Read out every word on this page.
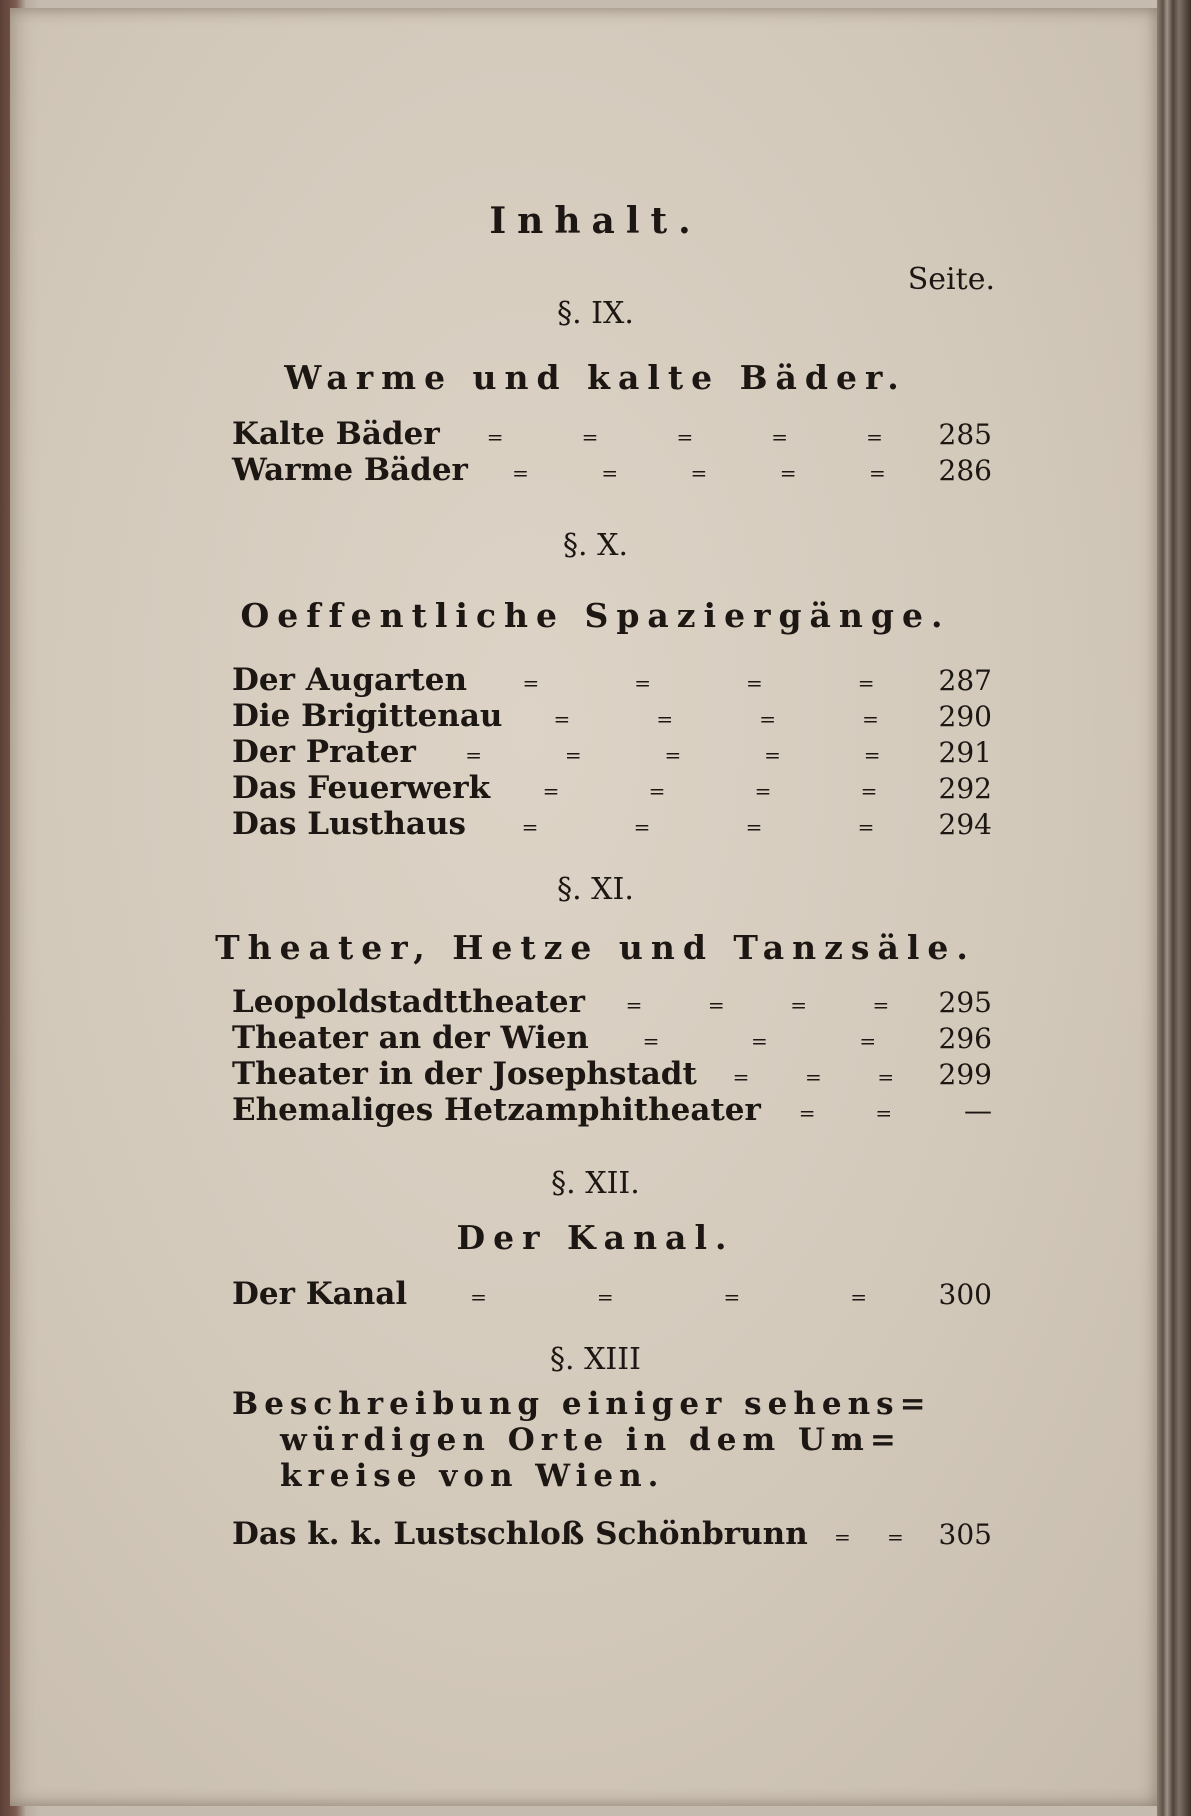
Inhalt.
Seite.
§. IX.
Warme und kalte Bäder.
Kalte Bäder =	=	=	=	=	285
Warme Bäder =	=	=	=	=	286
§. X.
Oeffentliche Spaziergänge.
Der Augarten	=	=	=	=	287
Die Brigittenau	=	=	=	=	290
Der Prater =	=	=	=	=	291
Das Feuerwerk	=	=	=	=	292
Das Lusthaus	=	=	=	=	294
§. XI.
Theater, Hetze und Tanzsäle.
Leopoldstadttheater =	=	=	=	295
Theater an der Wien	=	=	=	296
Theater in der Josephstadt =	=	=	299
Ehemaliges Hetzamphitheater =	=	—
§. XII.
Der Kanal.
Der Kanal	=	=	=	=	300
§. XIII
Beschreibung einiger sehens=
würdigen Orte in dem Um=
kreise von Wien.
Das k. k. Lustschloß Schönbrunn = =	305
